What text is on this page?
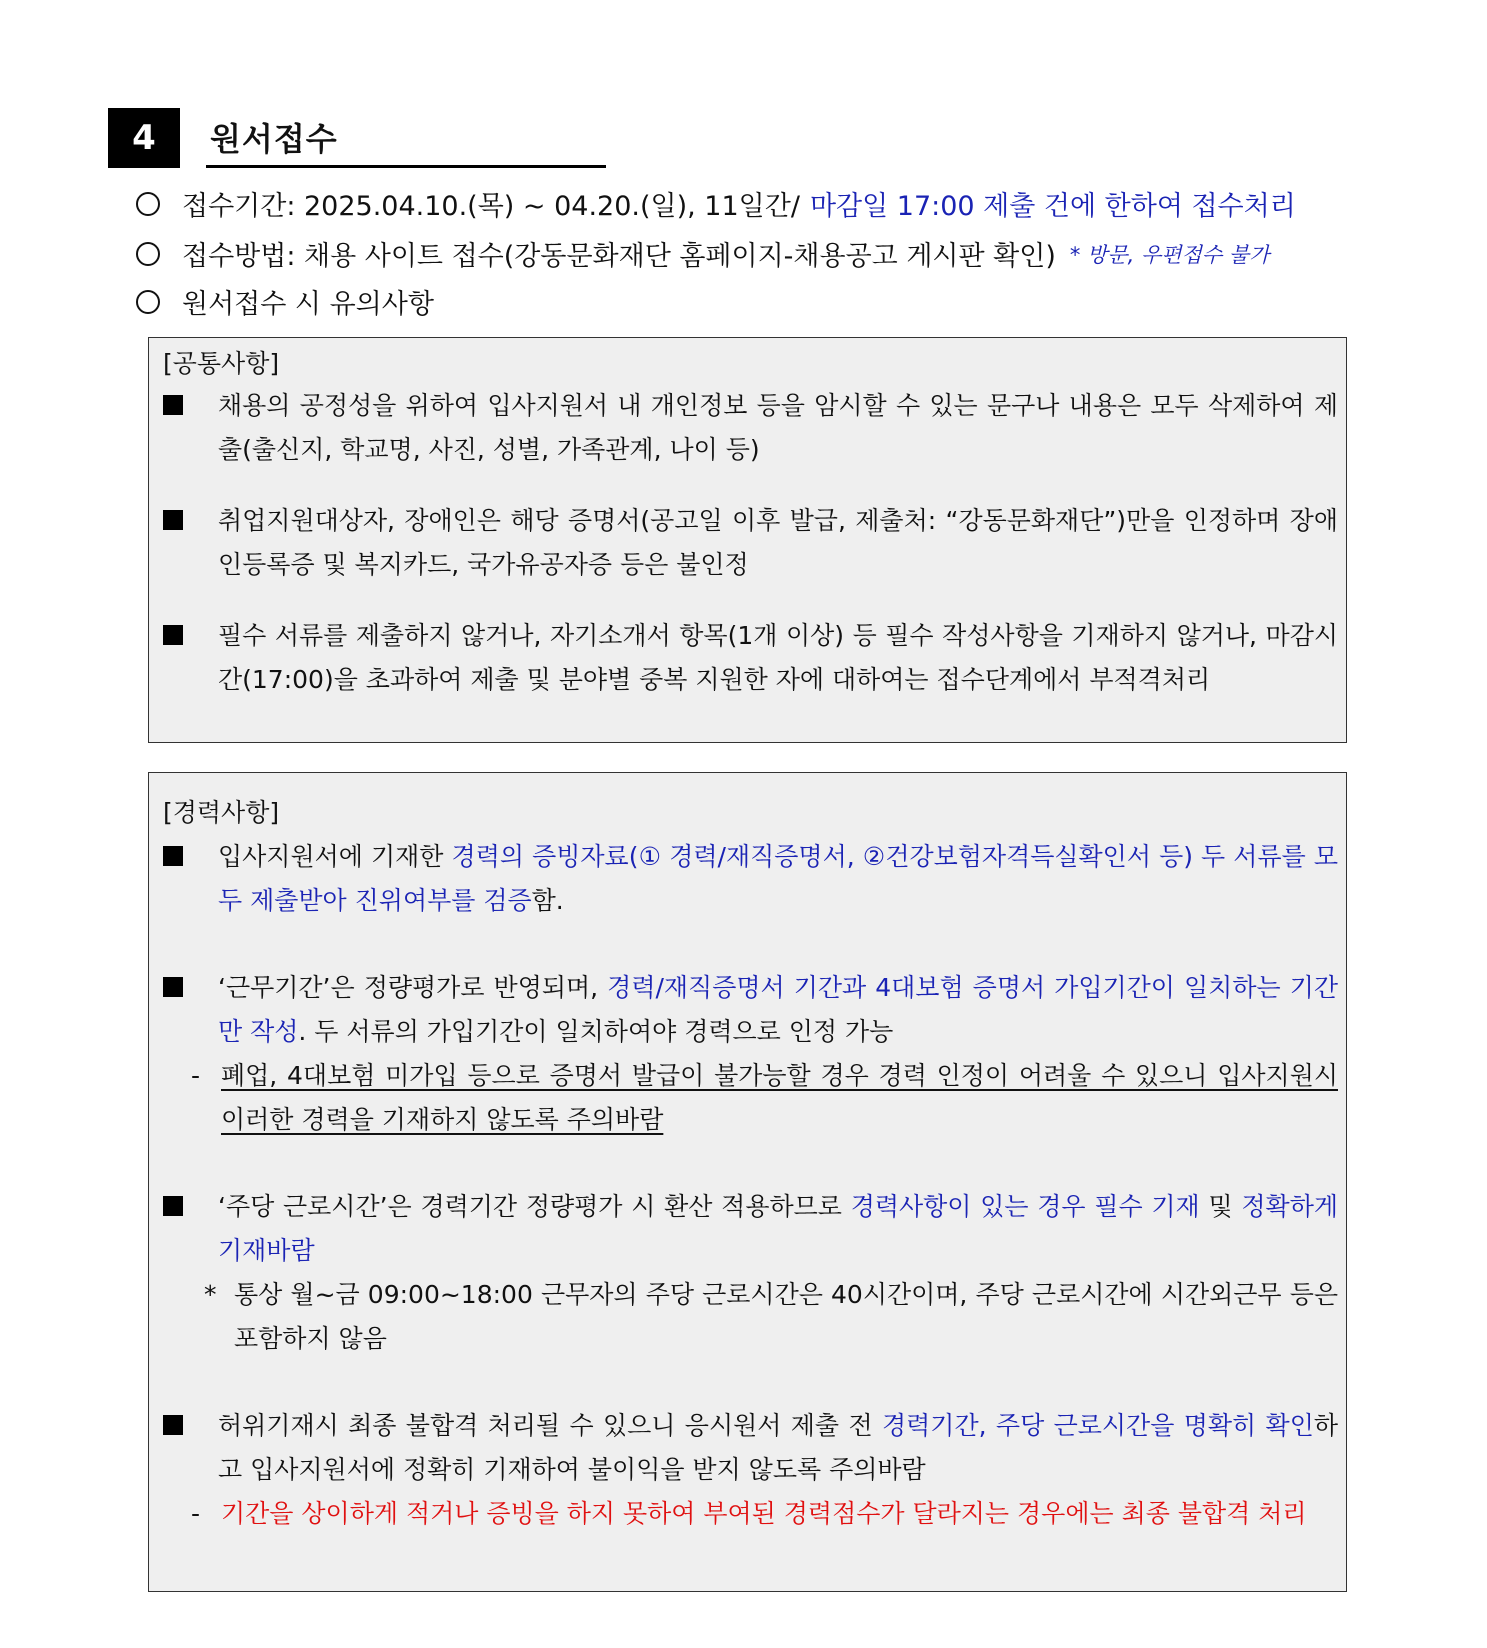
4	원서접수
접수기간: 2025.04.10.(목) ~ 04.20.(일), 11일간/ 마감일 17:00 제출 건에 한하여 접수처리
접수방법: 채용 사이트 접수(강동문화재단 홈페이지-채용공고 게시판 확인) * 방문, 우편접수 불가
원서접수 시 유의사항
[공통사항]
채용의 공정성을 위하여 입사지원서 내 개인정보 등을 암시할 수 있는 문구나 내용은 모두 삭제하여 제출(출신지, 학교명, 사진, 성별, 가족관계, 나이 등)
취업지원대상자, 장애인은 해당 증명서(공고일 이후 발급, 제출처: “강동문화재단”)만을 인정하며 장애인등록증 및 복지카드, 국가유공자증 등은 불인정
필수 서류를 제출하지 않거나, 자기소개서 항목(1개 이상) 등 필수 작성사항을 기재하지 않거나, 마감시간(17:00)을 초과하여 제출 및 분야별 중복 지원한 자에 대하여는 접수단계에서 부적격처리
[경력사항]
입사지원서에 기재한 경력의 증빙자료(① 경력/재직증명서, ②건강보험자격득실확인서 등) 두 서류를 모두 제출받아 진위여부를 검증함.
‘근무기간’은 정량평가로 반영되며, 경력/재직증명서 기간과 4대보험 증명서 가입기간이 일치하는 기간만 작성. 두 서류의 가입기간이 일치하여야 경력으로 인정 가능
- 폐업, 4대보험 미가입 등으로 증명서 발급이 불가능할 경우 경력 인정이 어려울 수 있으니 입사지원시 이러한 경력을 기재하지 않도록 주의바람
‘주당 근로시간’은 경력기간 정량평가 시 환산 적용하므로 경력사항이 있는 경우 필수 기재 및 정확하게 기재바람
* 통상 월~금 09:00~18:00 근무자의 주당 근로시간은 40시간이며, 주당 근로시간에 시간외근무 등은 포함하지 않음
허위기재시 최종 불합격 처리될 수 있으니 응시원서 제출 전 경력기간, 주당 근로시간을 명확히 확인하고 입사지원서에 정확히 기재하여 불이익을 받지 않도록 주의바람
- 기간을 상이하게 적거나 증빙을 하지 못하여 부여된 경력점수가 달라지는 경우에는 최종 불합격 처리
